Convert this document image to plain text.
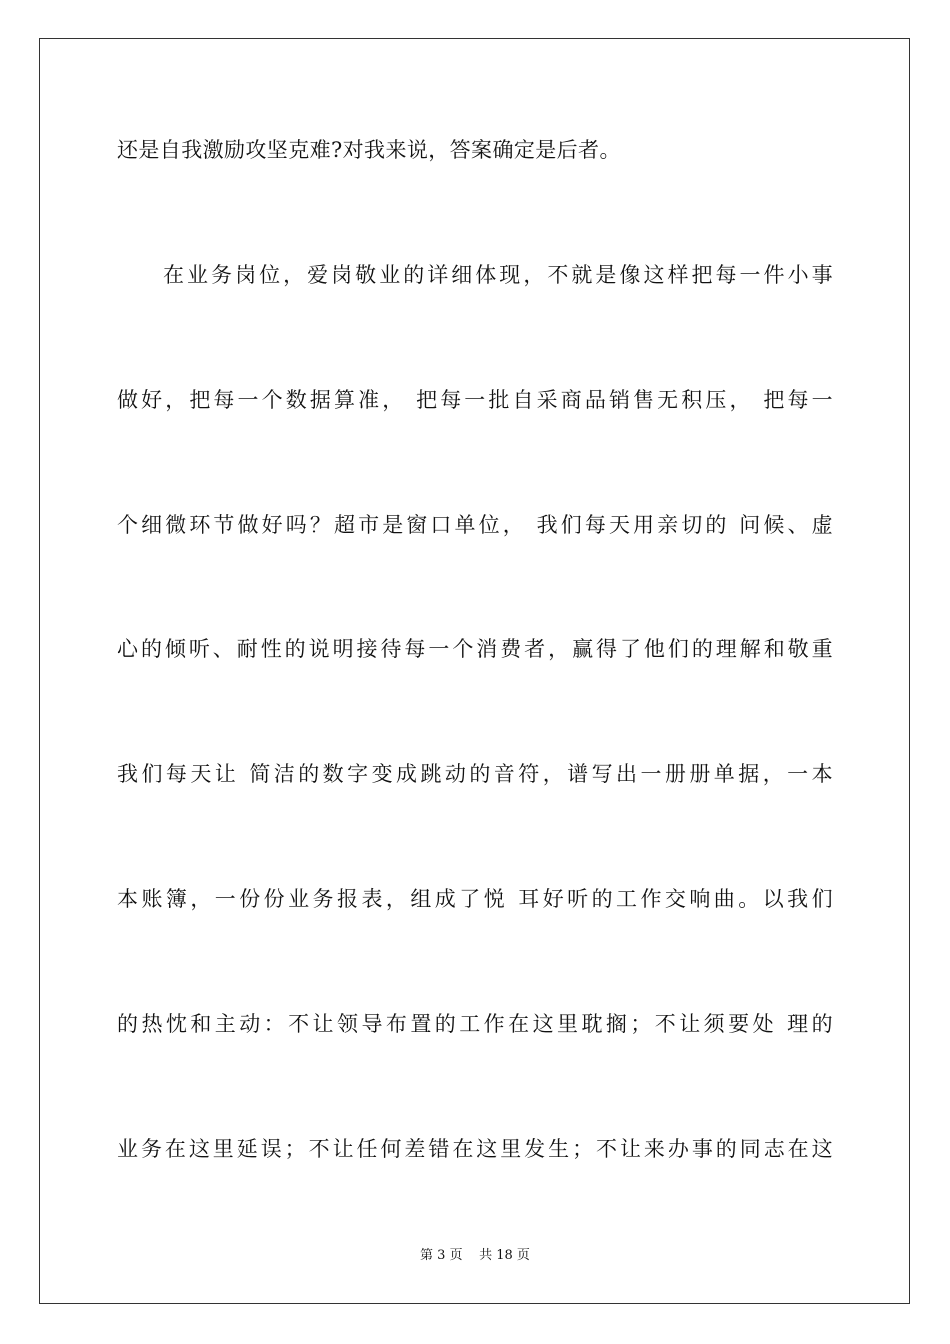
还是自我激励攻坚克难?对我来说，答案确定是后者。
在业务岗位，爱岗敬业的详细体现，不就是像这样把每一件小事
做好，把每一个数据算准， 把每一批自采商品销售无积压， 把每一
个细微环节做好吗？超市是窗口单位， 我们每天用亲切的 问候、虚
心的倾听、耐性的说明接待每一个消费者，赢得了他们的理解和敬重
我们每天让 简洁的数字变成跳动的音符，谱写出一册册单据，一本
本账簿，一份份业务报表，组成了悦 耳好听的工作交响曲。以我们
的热忱和主动：不让领导布置的工作在这里耽搁；不让须要处 理的
业务在这里延误；不让任何差错在这里发生；不让来办事的同志在这
第 3 页 共 18 页
